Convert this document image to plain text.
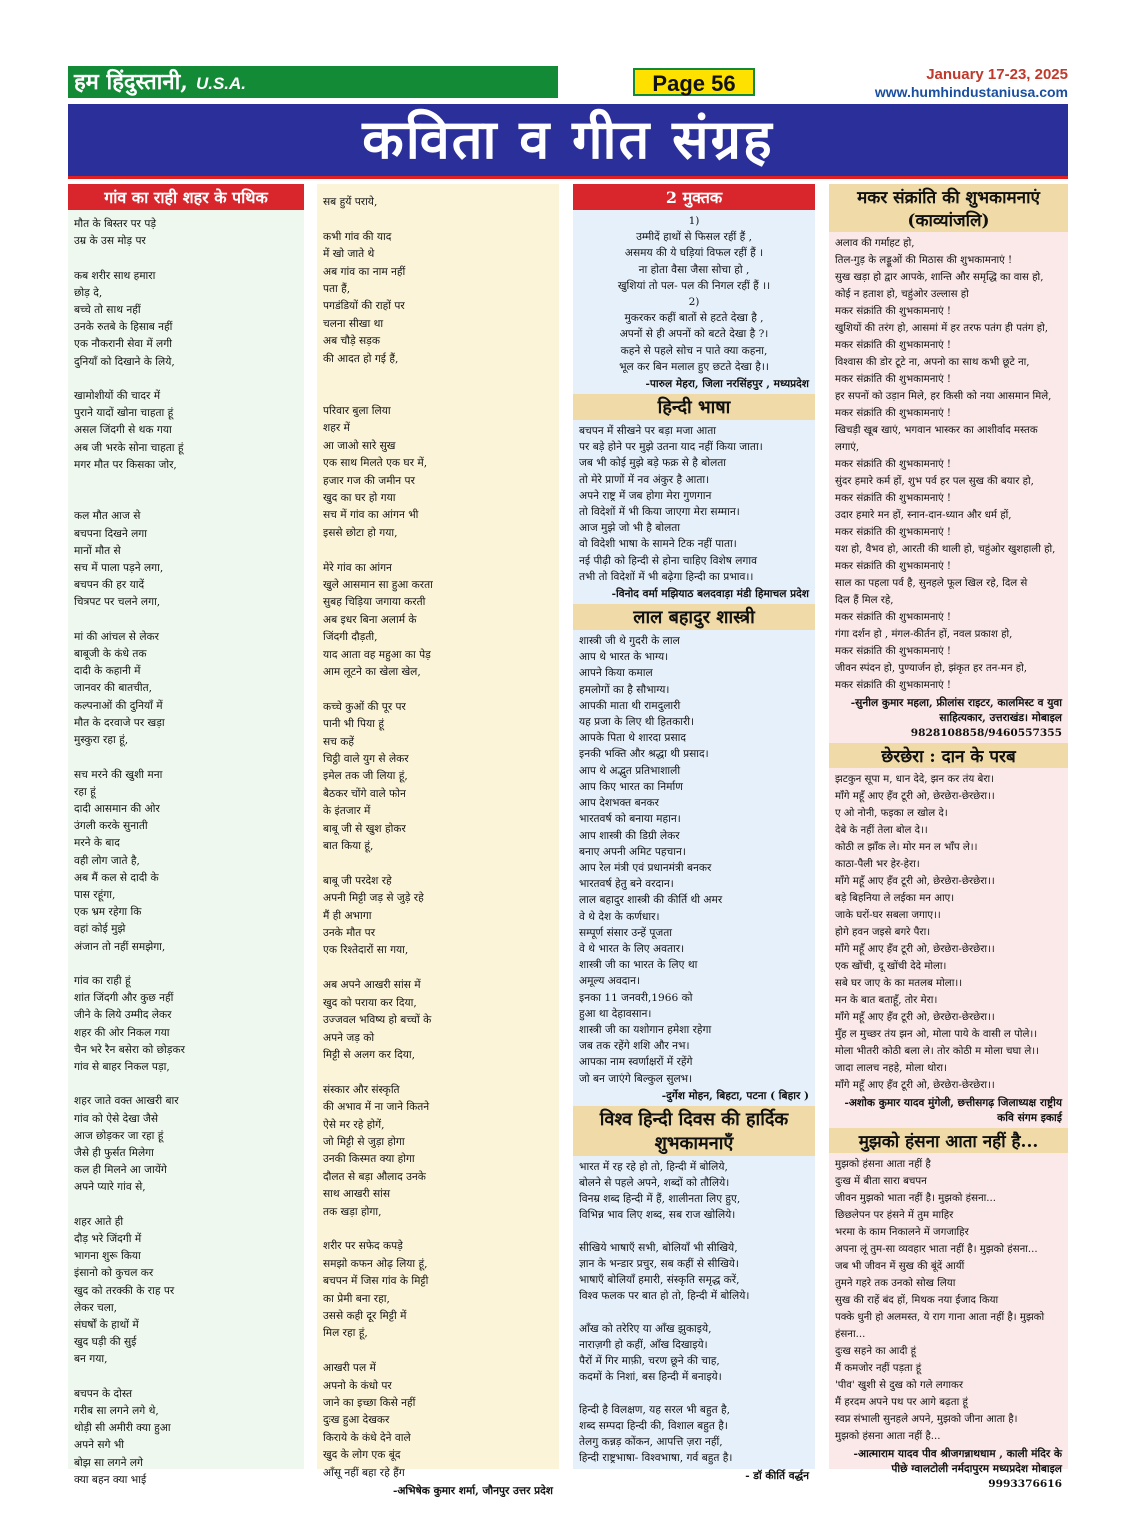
हम हिंदुस्तानी, U.S.A.	Page 56	January 17-23, 2025
www.humhindustaniusa.com
कविता व गीत संग्रह
गांव का राही शहर के पथिक
मौत के बिस्तर पर पड़े
उम्र के उस मोड़ पर

कब शरीर साथ हमारा
छोड़ दे,
बच्चे तो साथ नहीं
उनके रुतबे के हिसाब नहीं
एक नौकरानी सेवा में लगी
दुनियाँ को दिखाने के लिये,

खामोशीयों की चादर में
पुराने यादों खोना चाहता हूं
असल जिंदगी से थक गया
अब जी भरके सोना चाहता हूं
मगर मौत पर किसका जोर,

कल मौत आज से
बचपना दिखने लगा
मानों मौत से
सच में पाला पड़ने लगा,
बचपन की हर यादें
चित्रपट पर चलने लगा,

मां की आंचल से लेकर
बाबूजी के कंधे तक
दादी के कहानी में
जानवर की बातचीत,
कल्पनाओं की दुनियाँ में
मौत के दरवाजे पर खड़ा
मुस्कुरा रहा हूं,

सच मरने की खुशी मना
रहा हूं
दादी आसमान की ओर
उंगली करके सुनाती
मरने के बाद
वही लोग जाते है,
अब मैं कल से दादी के
पास रहूंगा,
एक भ्रम रहेगा कि
वहां कोई मुझे
अंजान तो नहीं समझेगा,

गांव का राही हूं
शांत जिंदगी और कुछ नहीं
जीने के लिये उम्मीद लेकर
शहर की ओर निकल गया
चैन भरे रैन बसेरा को छोड़कर
गांव से बाहर निकल पड़ा,

शहर जाते वक्त आखरी बार
गांव को ऐसे देखा जैसे
आज छोड़कर जा रहा हूं
जैसे ही फुर्सत मिलेगा
कल ही मिलने आ जायेंगे
अपने प्यारे गांव से,

शहर आते ही
दौड़ भरे जिंदगी में
भागना शुरू किया
इंसानो को कुचल कर
खुद को तरक्की के राह पर
लेकर चला,
संघर्षों के हाथों में
खुद घड़ी की सुई
बन गया,

बचपन के दोस्त
गरीब सा लगने लगे थे,
थोड़ी सी अमीरी क्या हुआ
अपने सगे भी
बोझ सा लगने लगे
क्या बहन क्या भाई
सब हुयें पराये,

कभी गांव की याद
में खो जाते थे
अब गांव का नाम नहीं
पता हैं,
पगडंडियों की राहों पर
चलना सीखा था
अब चौड़े सड़क
की आदत हो गई हैं,

परिवार बुला लिया
शहर में
आ जाओ सारे सुख
एक साथ मिलते एक घर में,
हजार गज की जमीन पर
खुद का घर हो गया
सच में गांव का आंगन भी
इससे छोटा हो गया,

मेरे गांव का आंगन
खुले आसमान सा हुआ करता
सुबह चिड़िया जगाया करती
अब इधर बिना अलार्म के
जिंदगी दौड़ती,
याद आता वह महुआ का पेड़
आम लूटने का खेला खेल,

कच्चे कुओं की पूर पर
पानी भी पिया हूं
सच कहें
चिट्ठी वाले युग से लेकर
इमेल तक जी लिया हूं,
बैठकर चोंगे वाले फोन
के इंतजार में
बाबू जी से खुश होकर
बात किया हूं,

बाबू जी परदेश रहे
अपनी मिट्टी जड़ से जुड़े रहे
मैं ही अभागा
उनके मौत पर
एक रिश्तेदारों सा गया,

अब अपने आखरी सांस में
खुद को पराया कर दिया,
उज्जवल भविष्य हो बच्चों के
अपने जड़ को
मिट्टी से अलग कर दिया,

संस्कार और संस्कृति
की अभाव में ना जाने कितने
ऐसे मर रहे होगें,
जो मिट्टी से जुड़ा होगा
उनकी किस्मत क्या होगा
दौलत से बड़ा औलाद उनके
साथ आखरी सांस
तक खड़ा होगा,

शरीर पर सफेद कपड़े
समझो कफन ओढ़ लिया हूं,
बचपन में जिस गांव के मिट्टी
का प्रेमी बना रहा,
उससे कही दूर मिट्टी में
मिल रहा हूं,

आखरी पल में
अपनो के कंधो पर
जाने का इच्छा किसे नहीं
दुःख हुआ देखकर
किराये के कंधे देने वाले
खुद के लोग एक बूंद
आँसू नहीं बहा रहे हैंग
-अभिषेक कुमार शर्मा, जौनपुर उत्तर प्रदेश
2 मुक्तक
1)
उम्मीदें हाथों से फिसल रहीं हैं ,
असमय की ये घड़ियां विफल रहीं हैं ।
ना होता वैसा जैसा सोचा हो ,
खुशियां तो पल- पल की निगल रहीं हैं ।।
2)
मुकरकर कहीं बातों से हटते देखा है ,
अपनों से ही अपनों को बटते देखा है ?।
कहने से पहले सोच न पाते क्या कहना,
भूल कर बिन मलाल हुए छटते देखा है।।
-पारुल मेहरा, जिला नरसिंहपुर , मध्यप्रदेश
हिन्दी भाषा
बचपन में सीखने पर बड़ा मजा आता
पर बड़े होने पर मुझे उतना याद नहीं किया जाता।
जब भी कोई मुझे बड़े फक्र से है बोलता
तो मेरे प्राणों में नव अंकुर है आता।
अपने राष्ट्र में जब होगा मेरा गुणगान
तो विदेशों में भी किया जाएगा मेरा सम्मान।
आज मुझे जो भी है बोलता
वो विदेशी भाषा के सामने टिक नहीं पाता।
नई पीढ़ी को हिन्दी से होना चाहिए विशेष लगाव
तभी तो विदेशों में भी बढ़ेगा हिन्दी का प्रभाव।।
-विनोद वर्मा मझियाठ बलदवाड़ा मंडी हिमाचल प्रदेश
लाल बहादुर शास्त्री
शास्त्री जी थे गुदरी के लाल
आप थे भारत के भाग्य।
आपने किया कमाल
हमलोगों का है सौभाग्य।
आपकी माता थी रामदुलारी
यह प्रजा के लिए थी हितकारी।
आपके पिता थे शारदा प्रसाद
इनकी भक्ति और श्रद्धा थी प्रसाद।
आप थे अद्भुत प्रतिभाशाली
आप किए भारत का निर्माण
आप देशभक्त बनकर
भारतवर्ष को बनाया महान।
आप शास्त्री की डिग्री लेकर
बनाए अपनी अमिट पहचान।
आप रेल मंत्री एवं प्रधानमंत्री बनकर
भारतवर्ष हेतु बने वरदान।
लाल बहादुर शास्त्री की कीर्ति थी अमर
वे थे देश के कर्णधार।
सम्पूर्ण संसार उन्हें पूजता
वे थे भारत के लिए अवतार।
शास्त्री जी का भारत के लिए था
अमूल्य अवदान।
इनका 11 जनवरी,1966 को
हुआ था देहावसान।
शास्त्री जी का यशोगान हमेशा रहेगा
जब तक रहेंगे शशि और नभ।
आपका नाम स्वर्णाक्षरों में रहेंगे
जो बन जाएंगे बिल्कुल सुलभ।
-दुर्गेश मोहन, बिहटा, पटना ( बिहार )
विश्व हिन्दी दिवस की हार्दिक शुभकामनाएँ
भारत में रह रहे हो तो, हिन्दी में बोलिये,
बोलने से पहले अपने, शब्दों को तौलिये।
विनम्र शब्द हिन्दी में हैं, शालीनता लिए हुए,
विभिन्न भाव लिए शब्द, सब राज खोलिये।

सीखिये भाषाएँ सभी, बोलियाँ भी सीखिये,
ज्ञान के भन्डार प्रचुर, सब कहीं से सीखिये।
भाषाएँ बोलियाँ हमारी, संस्कृति समृद्ध करें,
विश्व फलक पर बात हो तो, हिन्दी में बोलिये।

आँख को तरेरिए या आँख झुकाइये,
नाराज़गी हो कहीं, आँख दिखाइये।
पैरों में गिर माफ़ी, चरण छूने की चाह,
कदमों के निशां, बस हिन्दी में बनाइये।

हिन्दी है विलक्षण, यह सरल भी बहुत है,
शब्द सम्पदा हिन्दी की, विशाल बहुत है।
तेलगु कन्नड़ कोंकन, आपत्ति ज़रा नहीं,
हिन्दी राष्ट्रभाषा- विश्वभाषा, गर्व बहुत है।
- डॉ कीर्ति वर्द्धन
मकर संक्रांति की शुभकामनाएं (काव्यांजलि)
अलाव की गर्माहट हो,
तिल-गुड़ के लड्डूओं की मिठास की शुभकामनाएं !
सुख खड़ा हो द्वार आपके, शान्ति और समृद्धि का वास हो,
कोई न हताश हो, चहुंओर उल्लास हो
मकर संक्रांति की शुभकामनाएं !
खुशियों की तरंग हो, आसमां में हर तरफ पतंग ही पतंग हो,
मकर संक्रांति की शुभकामनाएं !
विश्वास की डोर टूटे ना, अपनो का साथ कभी छूटे ना,
मकर संक्रांति की शुभकामनाएं !
हर सपनों को उड़ान मिले, हर किसी को नया आसमान मिले,
मकर संक्रांति की शुभकामनाएं !
खिचड़ी खूब खाएं, भगवान भास्कर का आशीर्वाद मस्तक लगाएं,
मकर संक्रांति की शुभकामनाएं !
सुंदर हमारे कर्म हों, शुभ पर्व हर पल सुख की बयार हो,
मकर संक्रांति की शुभकामनाएं !
उदार हमारे मन हों, स्नान-दान-ध्यान और धर्म हों,
मकर संक्रांति की शुभकामनाएं !
यश हो, वैभव हो, आरती की थाली हो, चहुंओर खुशहाली हो,
मकर संक्रांति की शुभकामनाएं !
साल का पहला पर्व है, सुनहले फूल खिल रहे, दिल से
दिल हैं मिल रहे,
मकर संक्रांति की शुभकामनाएं !
गंगा दर्शन हो , मंगल-कीर्तन हों, नवल प्रकाश हो,
मकर संक्रांति की शुभकामनाएं !
जीवन स्पंदन हो, पुण्यार्जन हो, झंकृत हर तन-मन हो,
मकर संक्रांति की शुभकामनाएं !
-सुनील कुमार महला, फ्रीलांस राइटर, कालमिस्ट व युवा साहित्यकार, उत्तराखंड। मोबाइल 9828108858/9460557355
छेरछेरा : दान के परब
झटकुन सूपा म, धान देदे, झन कर तंय बेरा।
माँगे महूँ आए हँव टूरी ओ, छेरछेरा-छेरछेरा।।
ए ओ नोनी, फइका ल खोल दे।
देबे के नहीं तेला बोल दे।।
कोठी ल झाँक ले। मोर मन ल भाँप ले।।
काठा-पैली भर हेर-हेरा।
माँगे महूँ आए हँव टूरी ओ, छेरछेरा-छेरछेरा।।
बड़े बिहनिया ले लईका मन आए।
जाके घरों-घर सबला जगाए।।
होगे हवन जइसे बगरे पैरा।
माँगे महूँ आए हँव टूरी ओ, छेरछेरा-छेरछेरा।।
एक खोंची, दू खोंची देदे मोला।
सबे घर जाए के का मतलब मोला।।
मन के बात बताहूँ, तोर मेरा।
माँगे महूँ आए हँव टूरी ओ, छेरछेरा-छेरछेरा।।
मुँह ल मुच्छर तंय झन ओ, मोला पाये के वासी ल पोले।।
मोला भीतरी कोठी बला ले। तोर कोठी म मोला चघा ले।।
जादा लालच नहहे, मोला थोरा।
माँगे महूँ आए हँव टूरी ओ, छेरछेरा-छेरछेरा।।
-अशोक कुमार यादव मुंगेली, छत्तीसगढ़ जिलाध्यक्ष राष्ट्रीय कवि संगम इकाई
मुझको हंसना आता नहीं है...
मुझको हंसना आता नहीं है
दुःख में बीता सारा बचपन
जीवन मुझको भाता नहीं है। मुझको हंसना...
छिछलेपन पर हंसने में तुम माहिर
भरमा के काम निकालने में जगजाहिर
अपना लूं तुम-सा व्यवहार भाता नहीं है। मुझको हंसना...
जब भी जीवन में सुख की बूंदें आयीं
तुमने गहरे तक उनको सोख लिया
सुख की राहें बंद हों, मिथक नया ईजाद किया
पक्के धुनी हो अलमस्त, ये राग गाना आता नहीं है। मुझको हंसना...
दुःख सहने का आदी हूं
मैं कमजोर नहीं पड़ता हूं
'पीव' खुशी से दुख को गले लगाकर
मैं हरदम अपने पथ पर आगे बढ़ता हूं
स्वप्न संभाली सुनहले अपने, मुझको जीना आता है।
मुझको हंसना आता नहीं है...
-आत्माराम यादव पीव श्रीजगन्नाथधाम , काली मंदिर के पीछे ग्वालटोली नर्मदापुरम मध्यप्रदेश मोबाइल 9993376616
